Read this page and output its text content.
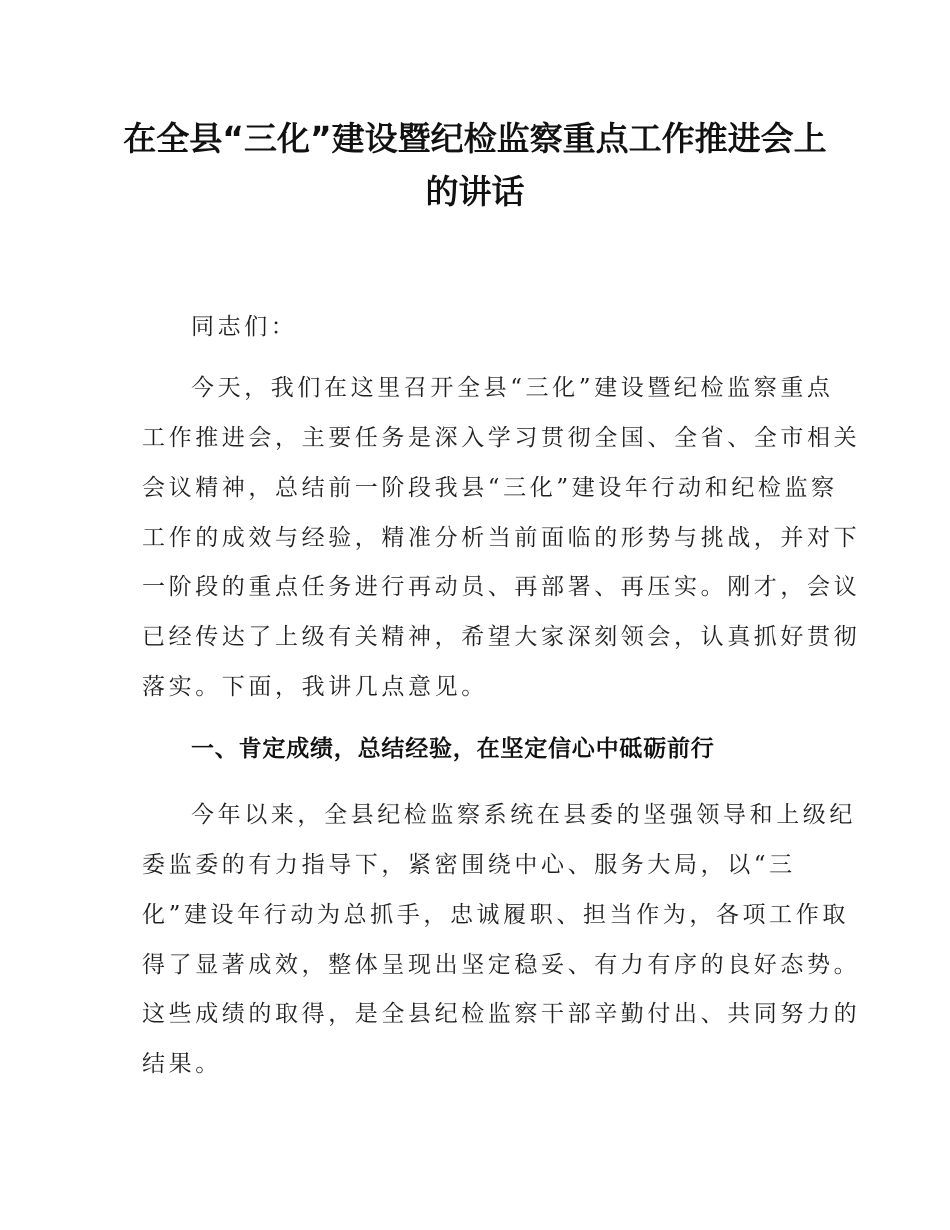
在全县“三化”建设暨纪检监察重点工作推进会上的讲话

同志们：

今天，我们在这里召开全县“三化”建设暨纪检监察重点

工作推进会，主要任务是深入学习贯彻全国、全省、全市相关

会议精神，总结前一阶段我县“三化”建设年行动和纪检监察

工作的成效与经验，精准分析当前面临的形势与挑战，并对下

一阶段的重点任务进行再动员、再部署、再压实。刚才，会议

已经传达了上级有关精神，希望大家深刻领会，认真抓好贯彻

落实。下面，我讲几点意见。

一、肯定成绩，总结经验，在坚定信心中砥砺前行

今年以来，全县纪检监察系统在县委的坚强领导和上级纪

委监委的有力指导下，紧密围绕中心、服务大局，以“三

化”建设年行动为总抓手，忠诚履职、担当作为，各项工作取

得了显著成效，整体呈现出坚定稳妥、有力有序的良好态势。

这些成绩的取得，是全县纪检监察干部辛勤付出、共同努力的

结果。
